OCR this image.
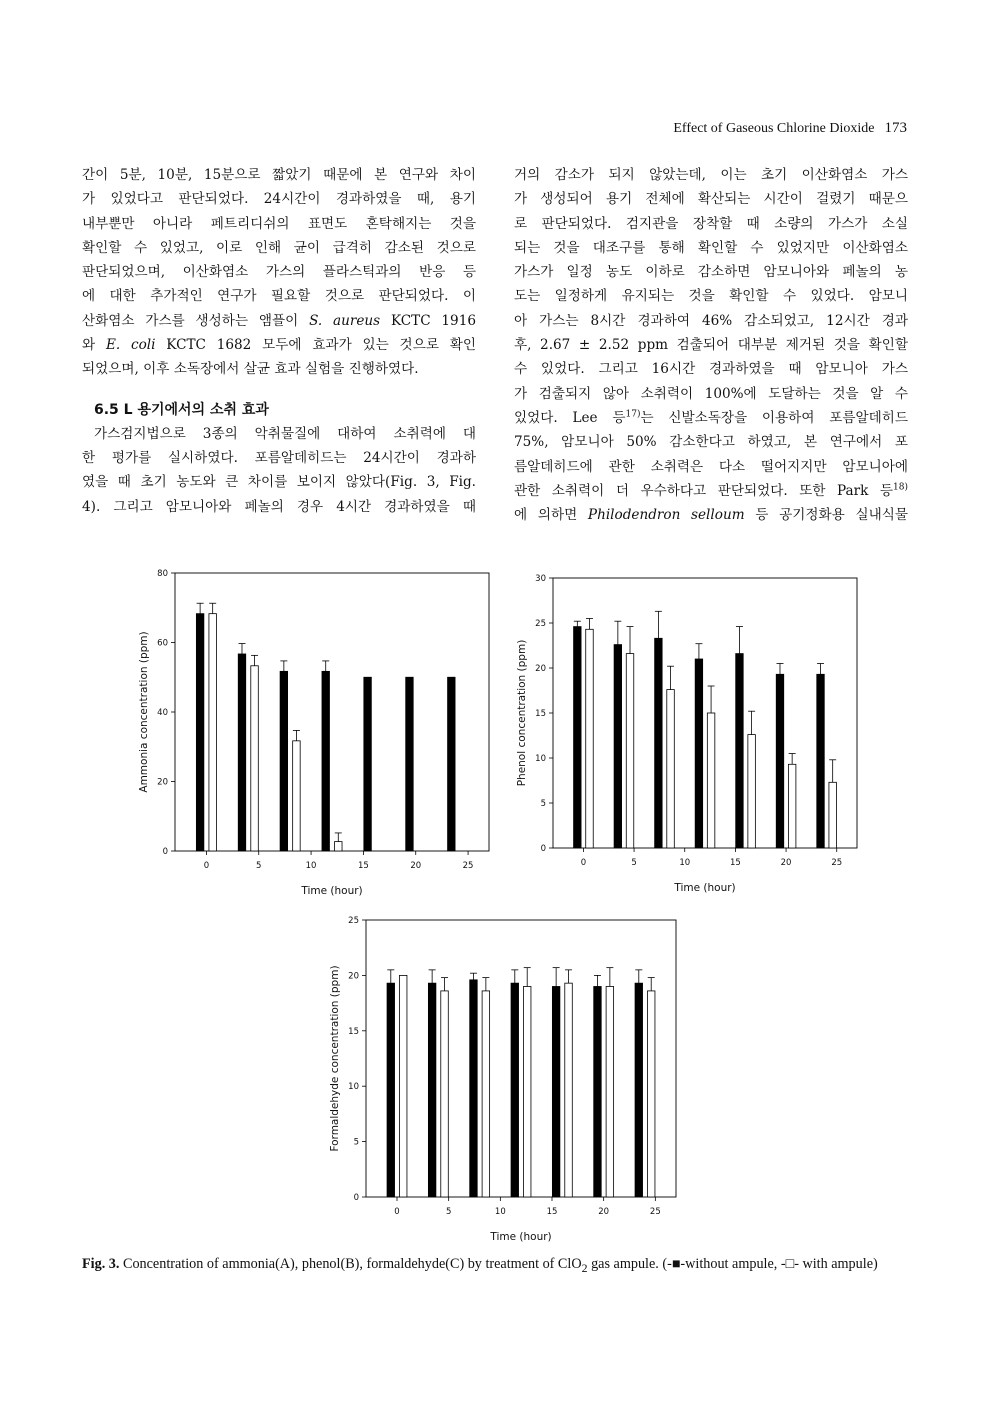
Effect of Gaseous Chlorine Dioxide 173

간이 5분, 10분, 15분으로 짧았기 때문에 본 연구와 차이

가 있었다고 판단되었다. 24시간이 경과하였을 때, 용기

내부뿐만 아니라 페트리디쉬의 표면도 혼탁해지는 것을

확인할 수 있었고, 이로 인해 균이 급격히 감소된 것으로

판단되었으며, 이산화염소 가스의 플라스틱과의 반응 등

에 대한 추가적인 연구가 필요할 것으로 판단되었다. 이

산화염소 가스를 생성하는 앰플이 S. aureus KCTC 1916

와 E. coli KCTC 1682 모두에 효과가 있는 것으로 확인

되었으며, 이후 소독장에서 살균 효과 실험을 진행하였다.

6.5 L 용기에서의 소취 효과

가스검지법으로 3종의 악취물질에 대하여 소취력에 대

한 평가를 실시하였다. 포름알데히드는 24시간이 경과하

였을 때 초기 농도와 큰 차이를 보이지 않았다(Fig. 3, Fig.

4). 그리고 암모니아와 페놀의 경우 4시간 경과하였을 때

거의 감소가 되지 않았는데, 이는 초기 이산화염소 가스

가 생성되어 용기 전체에 확산되는 시간이 걸렸기 때문으

로 판단되었다. 검지관을 장착할 때 소량의 가스가 소실

되는 것을 대조구를 통해 확인할 수 있었지만 이산화염소

가스가 일정 농도 이하로 감소하면 암모니아와 페놀의 농

도는 일정하게 유지되는 것을 확인할 수 있었다. 암모니

아 가스는 8시간 경과하여 46% 감소되었고, 12시간 경과

후, 2.67 ± 2.52 ppm 검출되어 대부분 제거된 것을 확인할

수 있었다. 그리고 16시간 경과하였을 때 암모니아 가스

가 검출되지 않아 소취력이 100%에 도달하는 것을 알 수

있었다. Lee 등$^{17)}$는 신발소독장을 이용하여 포름알데히드

75%, 암모니아 50% 감소한다고 하였고, 본 연구에서 포

름알데히드에 관한 소취력은 다소 떨어지지만 암모니아에

관한 소취력이 더 우수하다고 판단되었다. 또한 Park 등$^{18)}$

에 의하면 Philodendron selloum 등 공기정화용 실내식물

0
20
40
60
80
0	5	10	15	20	25
Time (hour)
Ammonia concentration (ppm)
0
5
10
15
20
25
30
0	5	10	15	20	25
Time (hour)
Phenol concentration (ppm)
0
5
10
15
20
25
0	5	10	15	20	25
Time (hour)
Formaldehyde concentration (ppm)
Fig. 3. Concentration of ammonia(A), phenol(B), formaldehyde(C) by treatment of ClO$_2$ gas ampule. (-■-without ampule, -□- with ampule)
